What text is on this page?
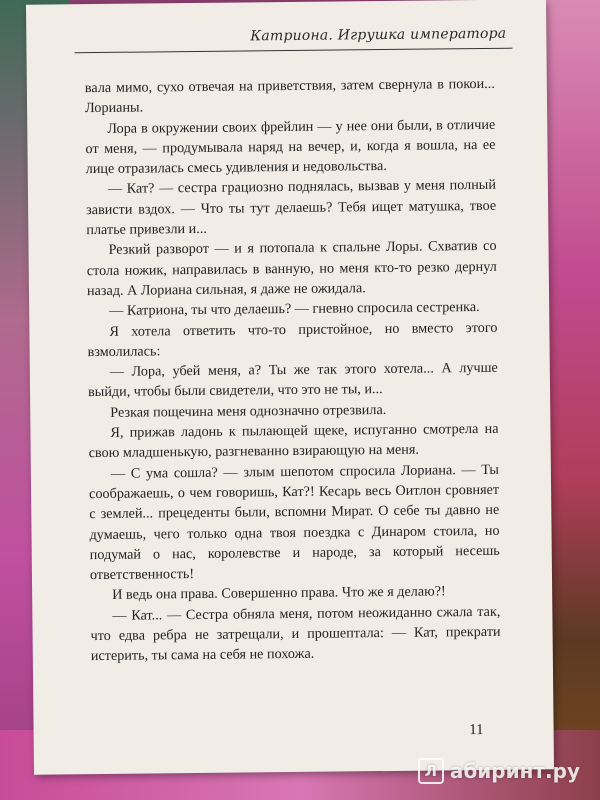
Катриона. Игрушка императора

вала мимо, сухо отвечая на приветствия, затем свернула в покои... Лорианы.

Лора в окружении своих фрейлин — у нее они были, в отличие от меня, — продумывала наряд на вечер, и, когда я вошла, на ее лице отразилась смесь удивления и недовольства.

— Кат? — сестра грациозно поднялась, вызвав у меня полный зависти вздох. — Что ты тут делаешь? Тебя ищет матушка, твое платье привезли и...

Резкий разворот — и я потопала к спальне Лоры. Схватив со стола ножик, направилась в ванную, но меня кто-то резко дернул назад. А Лориана сильная, я даже не ожидала.

— Катриона, ты что делаешь? — гневно спросила сестренка.

Я хотела ответить что-то пристойное, но вместо этого взмолилась:

— Лора, убей меня, а? Ты же так этого хотела... А лучше выйди, чтобы были свидетели, что это не ты, и...

Резкая пощечина меня однозначно отрезвила.

Я, прижав ладонь к пылающей щеке, испуганно смотрела на свою младшенькую, разгневанно взирающую на меня.

— С ума сошла? — злым шепотом спросила Лориана. — Ты соображаешь, о чем говоришь, Кат?! Кесарь весь Оитлон сровняет с землей... прецеденты были, вспомни Мират. О себе ты давно не думаешь, чего только одна твоя поездка с Динаром стоила, но подумай о нас, королевстве и народе, за который несешь ответственность!

И ведь она права. Совершенно права. Что же я делаю?!

— Кат... — Сестра обняла меня, потом неожиданно сжала так, что едва ребра не затрещали, и прошептала: — Кат, прекрати истерить, ты сама на себя не похожа.

11
Л абиринт.ру
